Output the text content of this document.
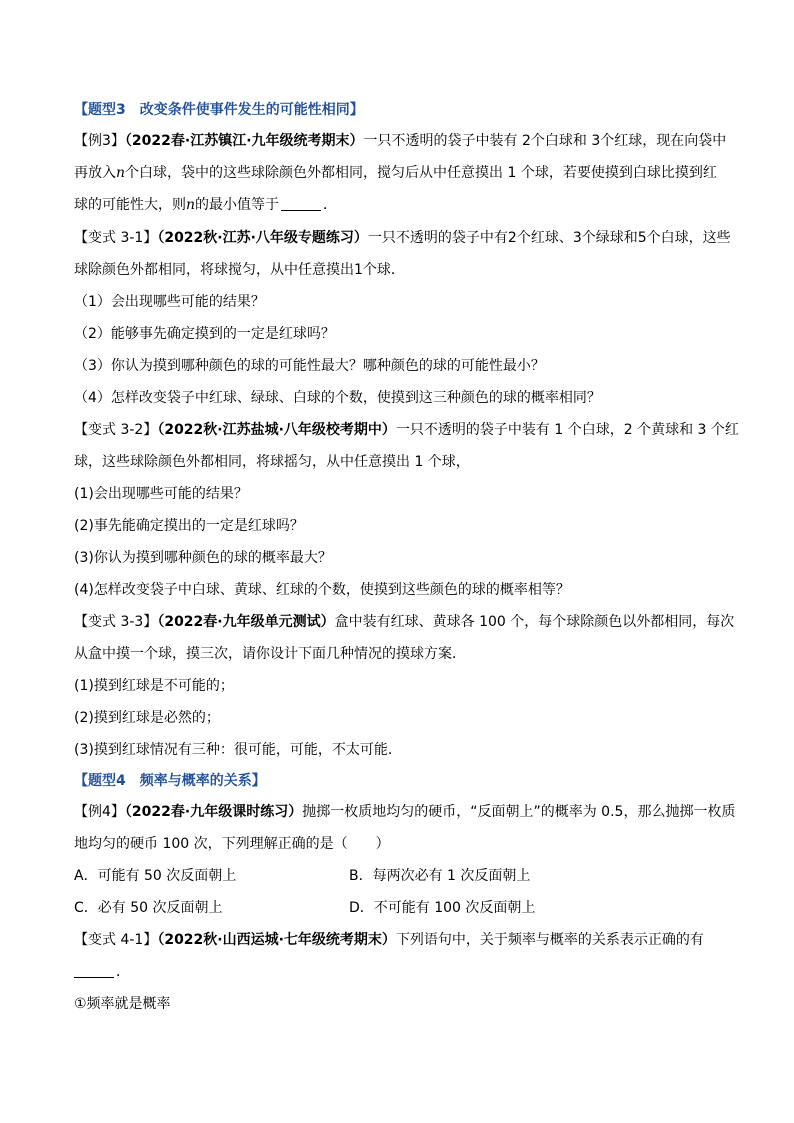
【题型3　改变条件使事件发生的可能性相同】
【例3】（2022春·江苏镇江·九年级统考期末）一只不透明的袋子中装有 2个白球和 3个红球，现在向袋中
再放入n个白球，袋中的这些球除颜色外都相同，搅匀后从中任意摸出 1 个球，若要使摸到白球比摸到红
球的可能性大，则n的最小值等于	．
【变式 3-1】（2022秋·江苏·八年级专题练习）一只不透明的袋子中有2个红球、3个绿球和5个白球，这些
球除颜色外都相同，将球搅匀，从中任意摸出1个球．
（1）会出现哪些可能的结果？
（2）能够事先确定摸到的一定是红球吗？
（3）你认为摸到哪种颜色的球的可能性最大？哪种颜色的球的可能性最小？
（4）怎样改变袋子中红球、绿球、白球的个数，使摸到这三种颜色的球的概率相同？
【变式 3-2】（2022秋·江苏盐城·八年级校考期中）一只不透明的袋子中装有 1 个白球，2 个黄球和 3 个红
球，这些球除颜色外都相同，将球摇匀，从中任意摸出 1 个球，
(1)会出现哪些可能的结果？
(2)事先能确定摸出的一定是红球吗？
(3)你认为摸到哪种颜色的球的概率最大？
(4)怎样改变袋子中白球、黄球、红球的个数，使摸到这些颜色的球的概率相等？
【变式 3-3】（2022春·九年级单元测试）盒中装有红球、黄球各 100 个，每个球除颜色以外都相同，每次
从盒中摸一个球，摸三次，请你设计下面几种情况的摸球方案．
(1)摸到红球是不可能的；
(2)摸到红球是必然的；
(3)摸到红球情况有三种：很可能，可能，不太可能．
【题型4　频率与概率的关系】
【例4】（2022春·九年级课时练习）抛掷一枚质地均匀的硬币，“反面朝上”的概率为 0.5，那么抛掷一枚质
地均匀的硬币 100 次，下列理解正确的是（　　）
A．可能有 50 次反面朝上	B．每两次必有 1 次反面朝上
C．必有 50 次反面朝上	D．不可能有 100 次反面朝上
【变式 4-1】（2022秋·山西运城·七年级统考期末）下列语句中，关于频率与概率的关系表示正确的有
．
①频率就是概率
